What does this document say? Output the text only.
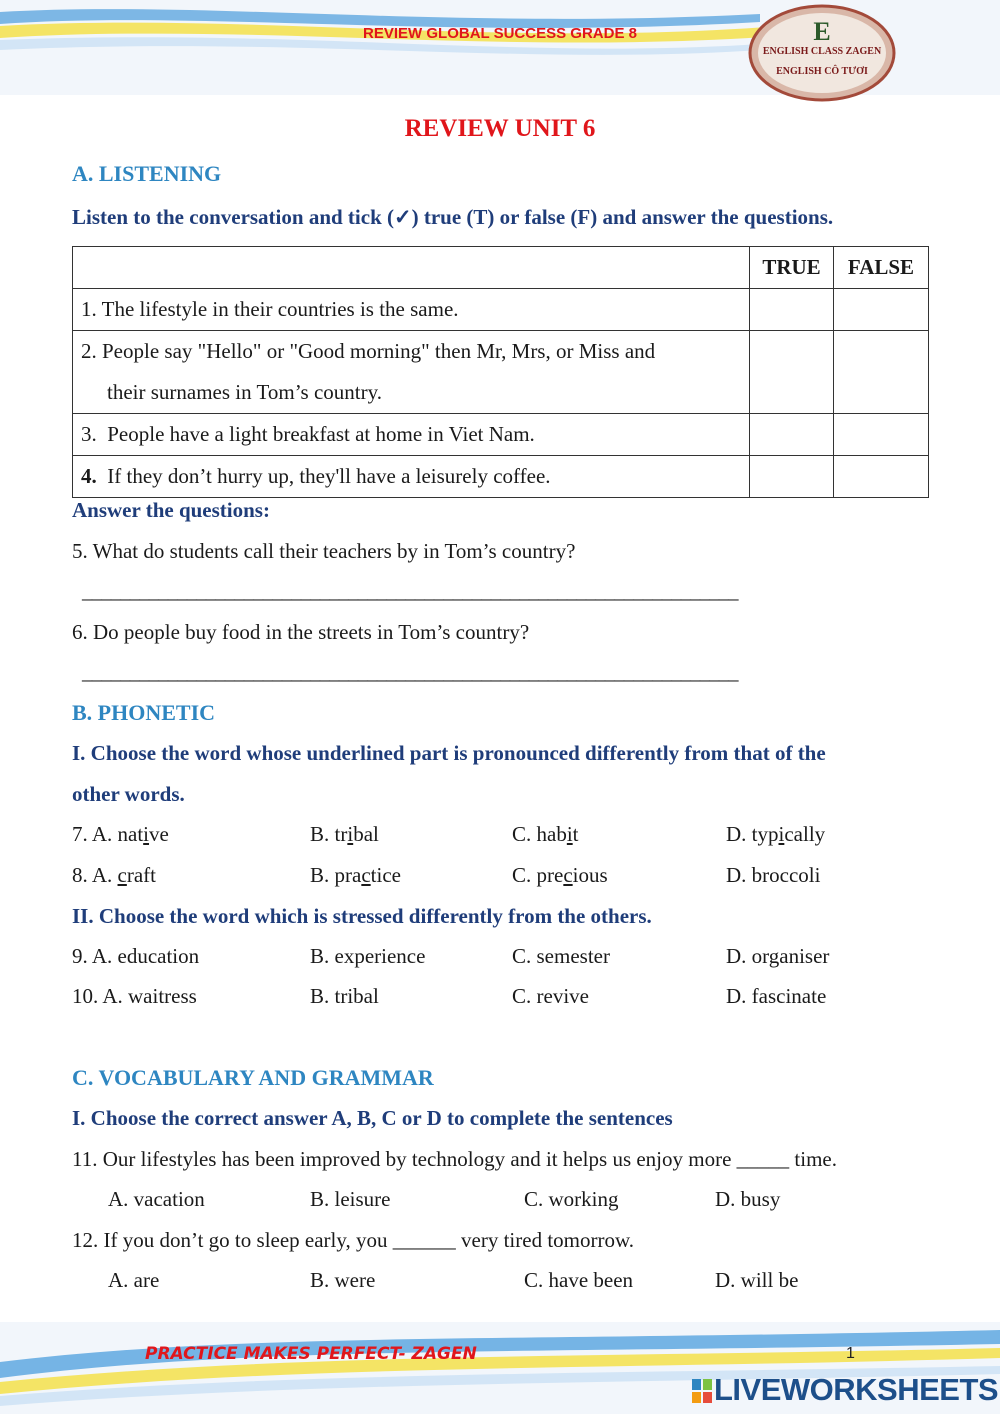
REVIEW GLOBAL SUCCESS GRADE 8	E
ENGLISH CLASS ZAGEN
ENGLISH CÔ TƯƠI
REVIEW UNIT 6
A. LISTENING
Listen to the conversation and tick (✓) true (T) or false (F) and answer the questions.
	TRUE	FALSE
1. The lifestyle in their countries is the same.		
2. People say "Hello" or "Good morning" then Mr, Mrs, or Miss and
their surnames in Tom’s country.		
3. People have a light breakfast at home in Viet Nam.		
4. If they don’t hurry up, they'll have a leisurely coffee.		
Answer the questions:
5. What do students call their teachers by in Tom’s country?
_____________________________________________________________________
6. Do people buy food in the streets in Tom’s country?
_____________________________________________________________________
B. PHONETIC
I. Choose the word whose underlined part is pronounced differently from that of the
other words.
7. A. native	B. tribal	C. habit	D. typically
8. A. craft	B. practice	C. precious	D. broccoli
II. Choose the word which is stressed differently from the others.
9. A. education	B. experience	C. semester	D. organiser
10. A. waitress	B. tribal	C. revive	D. fascinate
C. VOCABULARY AND GRAMMAR
I. Choose the correct answer A, B, C or D to complete the sentences
11. Our lifestyles has been improved by technology and it helps us enjoy more _____ time.
A. vacation	B. leisure	C. working	D. busy
12. If you don’t go to sleep early, you ______ very tired tomorrow.
A. are	B. were	C. have been	D. will be
PRACTICE MAKES PERFECT- ZAGEN	1
LIVEWORKSHEETS
